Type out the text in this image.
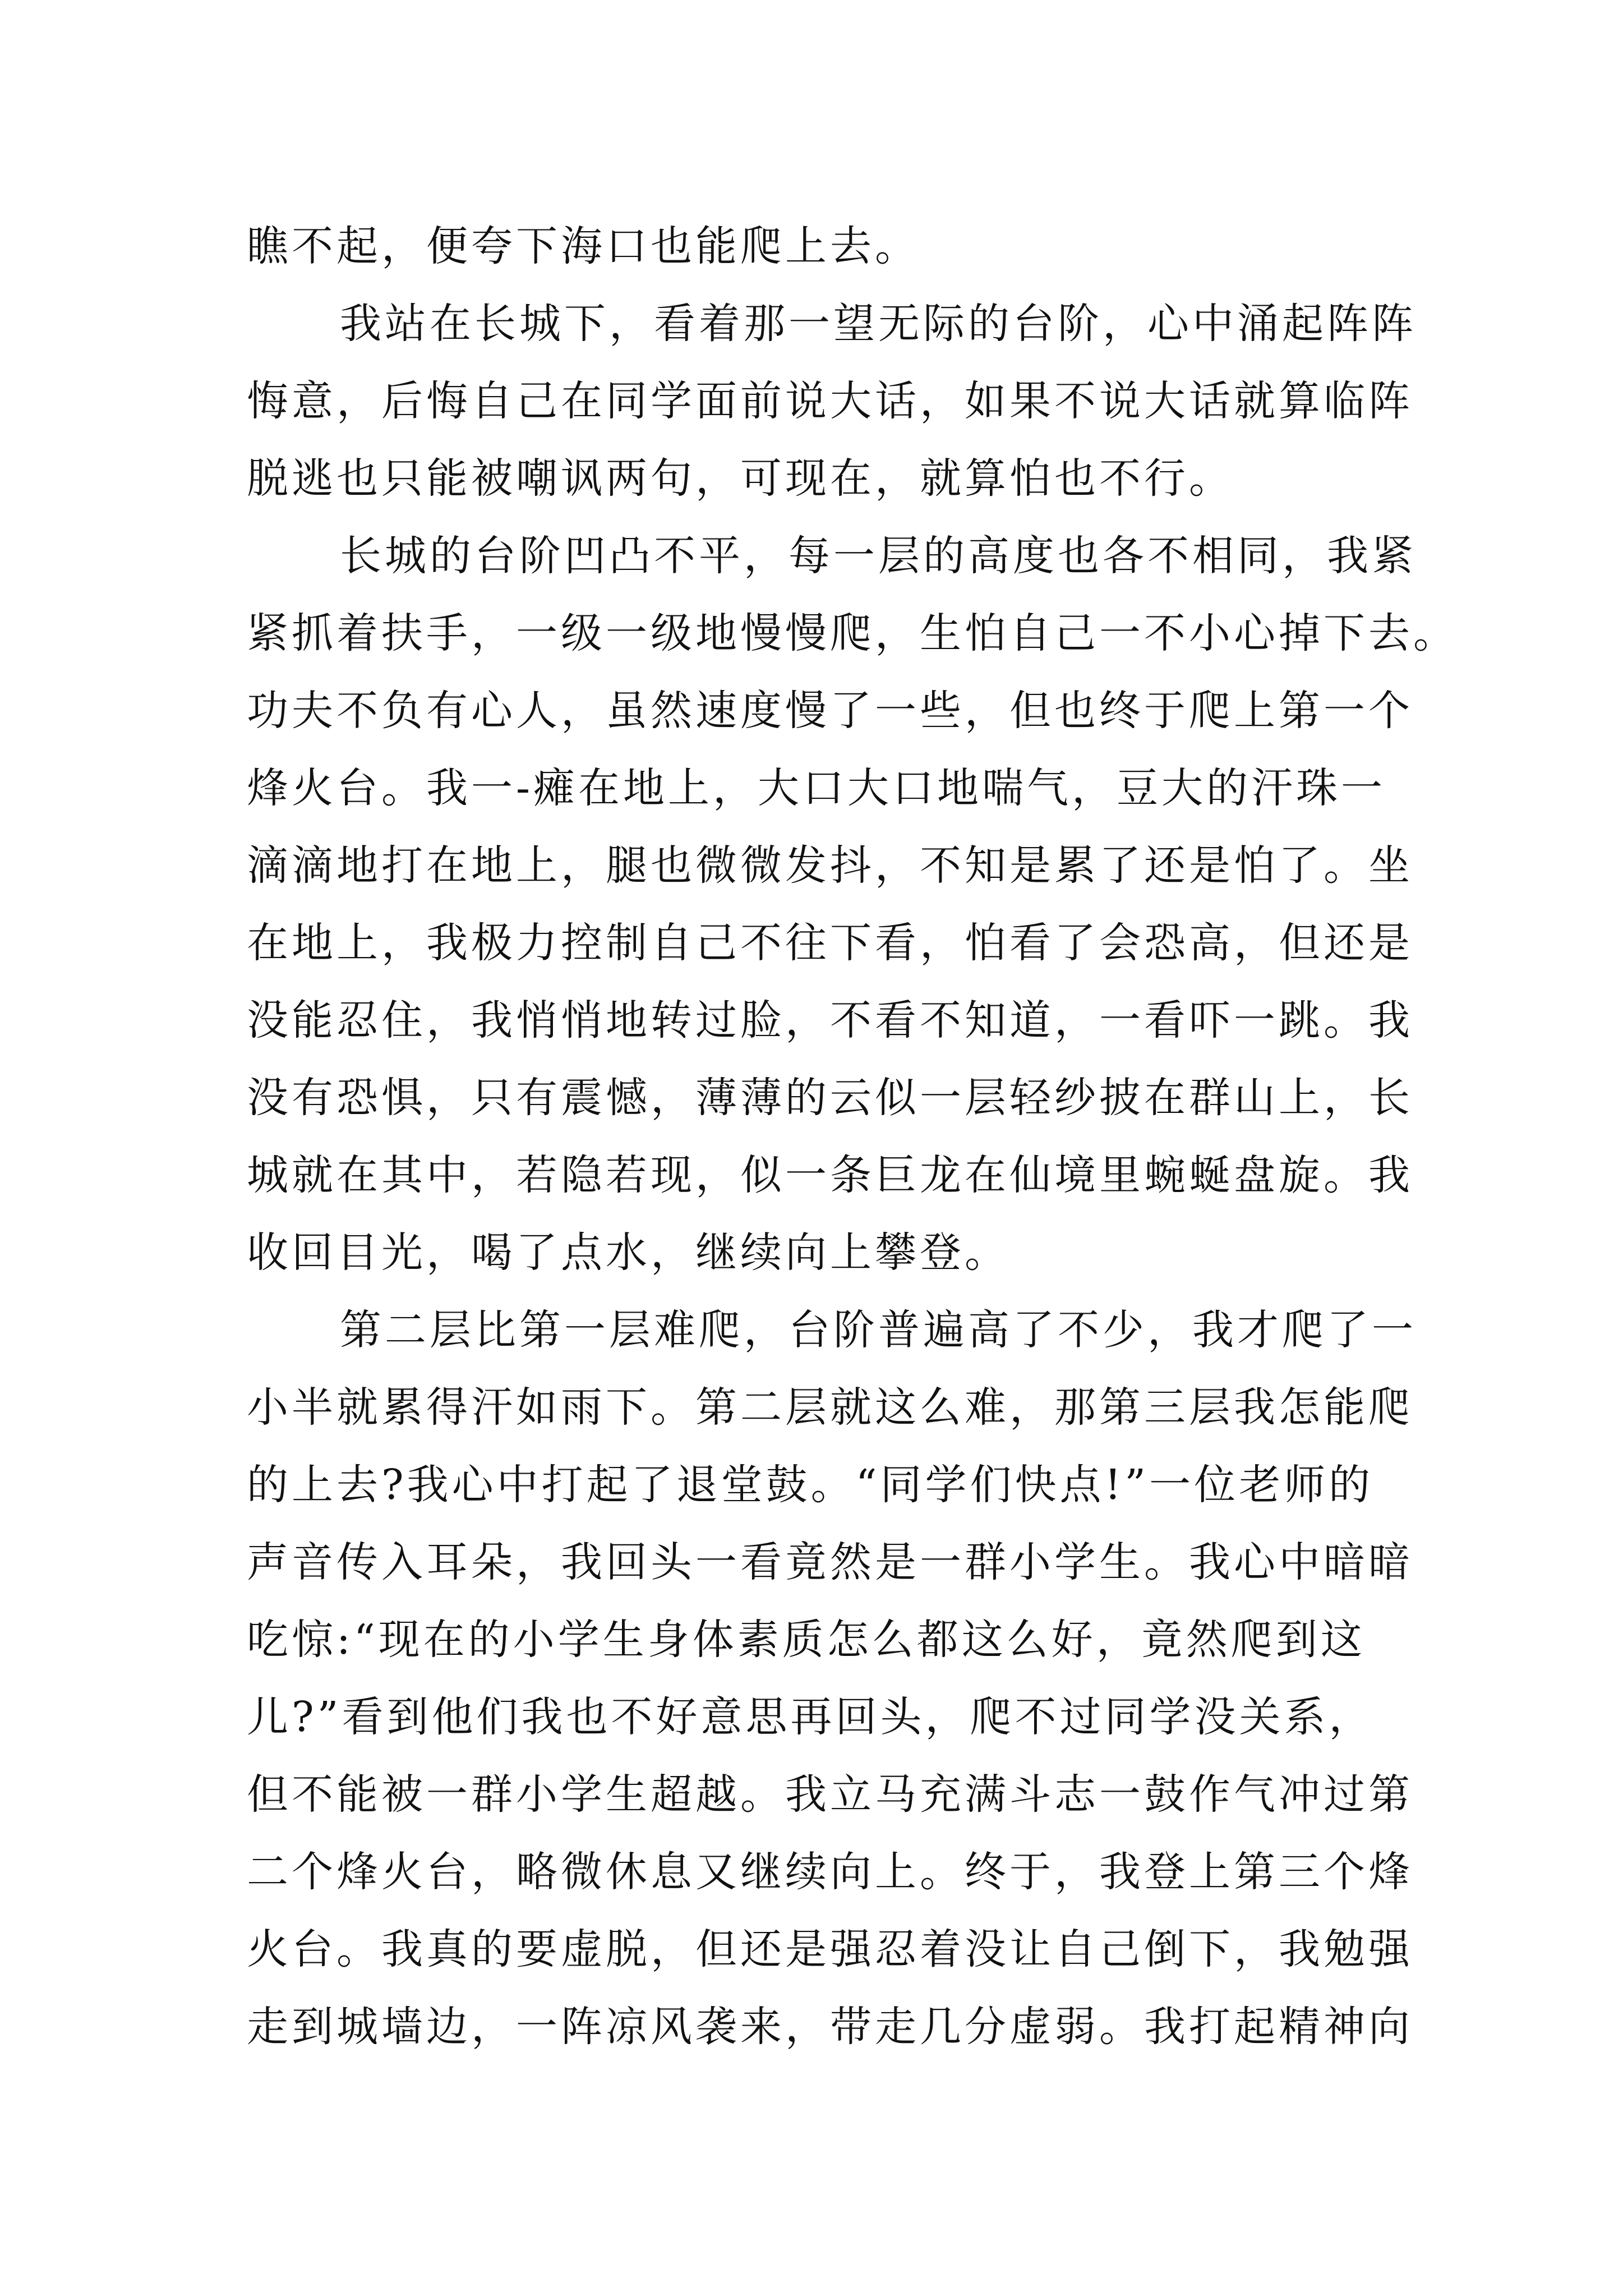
瞧不起，便夸下海口也能爬上去。
我站在长城下，看着那一望无际的台阶，心中涌起阵阵
悔意，后悔自己在同学面前说大话，如果不说大话就算临阵
脱逃也只能被嘲讽两句，可现在，就算怕也不行。
长城的台阶凹凸不平，每一层的高度也各不相同，我紧
紧抓着扶手，一级一级地慢慢爬，生怕自己一不小心掉下去。
功夫不负有心人，虽然速度慢了一些，但也终于爬上第一个
烽火台。我一-瘫在地上，大口大口地喘气，豆大的汗珠一
滴滴地打在地上，腿也微微发抖，不知是累了还是怕了。坐
在地上，我极力控制自己不往下看，怕看了会恐高，但还是
没能忍住，我悄悄地转过脸，不看不知道，一看吓一跳。我
没有恐惧，只有震憾，薄薄的云似一层轻纱披在群山上，长
城就在其中，若隐若现，似一条巨龙在仙境里蜿蜒盘旋。我
收回目光，喝了点水，继续向上攀登。
第二层比第一层难爬，台阶普遍高了不少，我才爬了一
小半就累得汗如雨下。第二层就这么难，那第三层我怎能爬
的上去?我心中打起了退堂鼓。“同学们快点!”一位老师的
声音传入耳朵，我回头一看竟然是一群小学生。我心中暗暗
吃惊:“现在的小学生身体素质怎么都这么好，竟然爬到这
儿?”看到他们我也不好意思再回头，爬不过同学没关系，
但不能被一群小学生超越。我立马充满斗志一鼓作气冲过第
二个烽火台，略微休息又继续向上。终于，我登上第三个烽
火台。我真的要虚脱，但还是强忍着没让自己倒下，我勉强
走到城墙边，一阵凉风袭来，带走几分虚弱。我打起精神向
